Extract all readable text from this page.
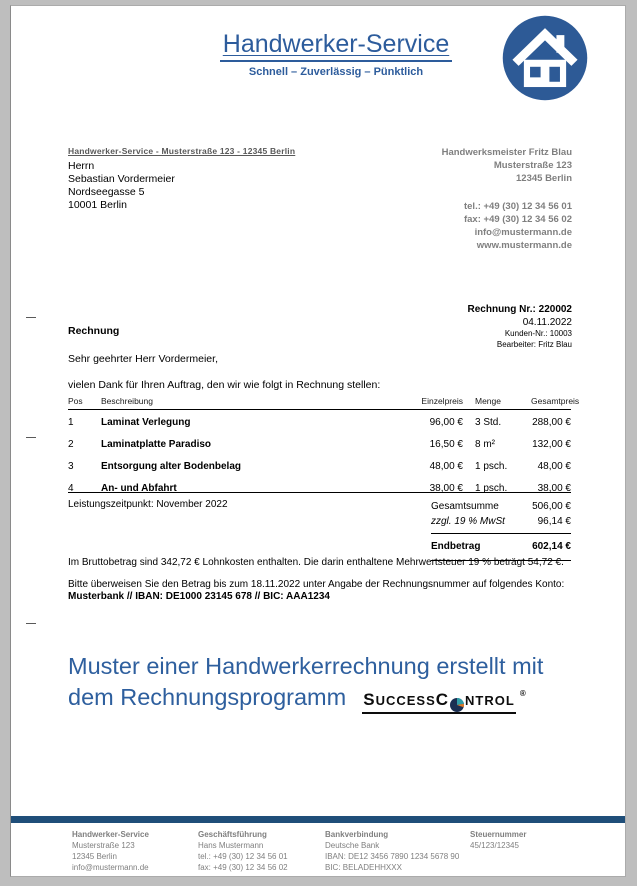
Handwerker-Service
Schnell – Zuverlässig – Pünktlich
Handwerker-Service - Musterstraße 123 - 12345 Berlin
Herrn
Sebastian Vordermeier
Nordseegasse 5
10001 Berlin
Handwerksmeister Fritz Blau
Musterstraße 123
12345 Berlin
tel.: +49 (30) 12 34 56 01
fax: +49 (30) 12 34 56 02
info@mustermann.de
www.mustermann.de
Rechnung Nr.: 220002
04.11.2022
Kunden-Nr.: 10003
Bearbeiter: Fritz Blau
Rechnung
Sehr geehrter Herr Vordermeier,
vielen Dank für Ihren Auftrag, den wir wie folgt in Rechnung stellen:
Pos	Beschreibung	Einzelpreis Menge	Gesamtpreis
1	Laminat Verlegung	96,00 € 3 Std.	288,00 €
2	Laminatplatte Paradiso	16,50 € 8 m²	132,00 €
3	Entsorgung alter Bodenbelag	48,00 € 1 psch.	48,00 €
4	An- und Abfahrt	38,00 € 1 psch.	38,00 €
Leistungszeitpunkt: November 2022	Gesamtsumme	506,00 €
zzgl. 19 % MwSt	96,14 €
Endbetrag	602,14 €
Im Bruttobetrag sind 342,72 € Lohnkosten enthalten. Die darin enthaltene Mehrwertsteuer 19 % beträgt 54,72 €.
Bitte überweisen Sie den Betrag bis zum 18.11.2022 unter Angabe der Rechnungsnummer auf folgendes Konto:
Musterbank // IBAN: DE1000 23145 678 // BIC: AAA1234
Muster einer Handwerkerrechnung erstellt mit
dem Rechnungsprogramm S UCCESS C NTROL ®
Handwerker-Service
Musterstraße 123
12345 Berlin
info@mustermann.de
Geschäftsführung
Hans Mustermann
tel.: +49 (30) 12 34 56 01
fax: +49 (30) 12 34 56 02
Bankverbindung
Deutsche Bank
IBAN: DE12 3456 7890 1234 5678 90
BIC: BELADEHHXXX
Steuernummer
45/123/12345
